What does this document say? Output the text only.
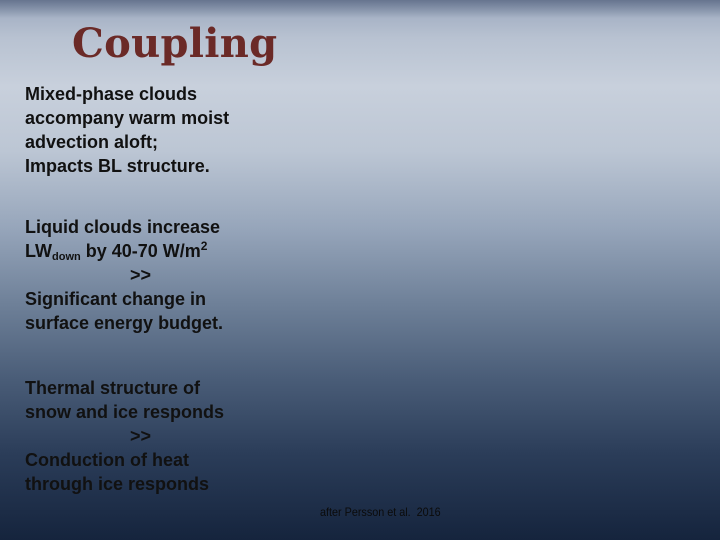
Coupling
Mixed-phase clouds
accompany warm moist
advection aloft;
Impacts BL structure.
Liquid clouds increase
$LW_{down}$ by 40-70 $W/m^2$
>>
Significant change in
surface energy budget.
Thermal structure of
snow and ice responds
>>
Conduction of heat
through ice responds
after Persson et al.  2016
